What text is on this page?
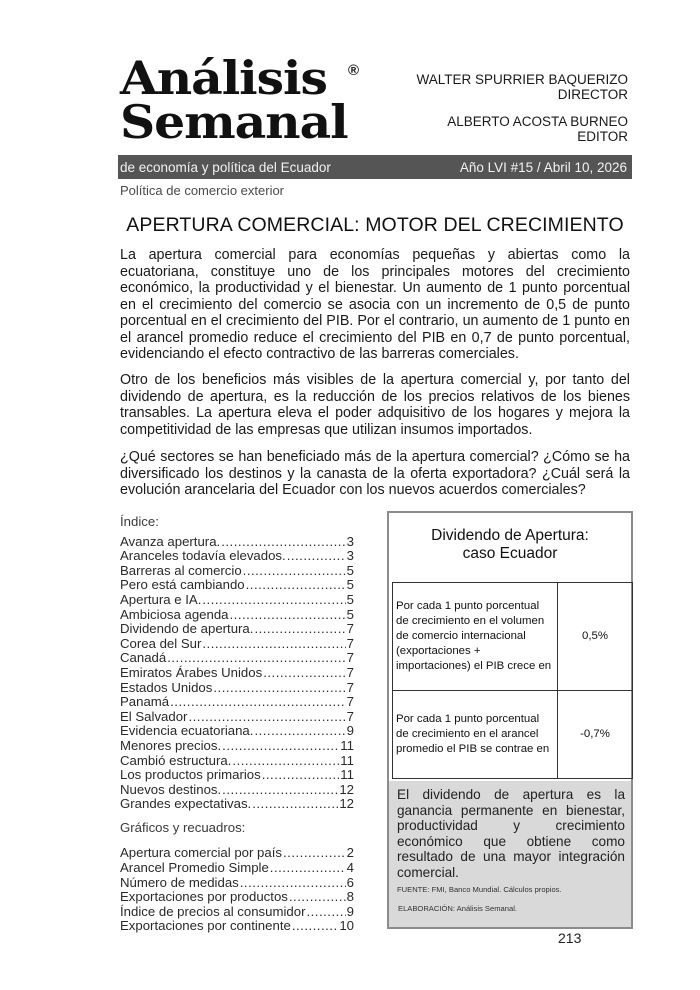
Análisis
Semanal
®
WALTER SPURRIER BAQUERIZO
DIRECTOR
ALBERTO ACOSTA BURNEO
EDITOR
de economía y política del Ecuador	Año LVI #15 / Abril 10, 2026
Política de comercio exterior
APERTURA COMERCIAL: MOTOR DEL CRECIMIENTO

La apertura comercial para economías pequeñas y abiertas como la ecuatoriana, constituye uno de los principales motores del crecimiento económico, la productividad y el bienestar. Un aumento de 1 punto porcentual en el crecimiento del comercio se asocia con un incremento de 0,5 de punto porcentual en el crecimiento del PIB. Por el contrario, un aumento de 1 punto en el arancel promedio reduce el crecimiento del PIB en 0,7 de punto porcentual, evidenciando el efecto contractivo de las barreras comerciales.

Otro de los beneficios más visibles de la apertura comercial y, por tanto del dividendo de apertura, es la reducción de los precios relativos de los bienes transables. La apertura eleva el poder adquisitivo de los hogares y mejora la competitividad de las empresas que utilizan insumos importados.

¿Qué sectores se han beneficiado más de la apertura comercial? ¿Cómo se ha diversificado los destinos y la canasta de la oferta exportadora? ¿Cuál será la evolución arancelaria del Ecuador con los nuevos acuerdos comerciales?

Índice:
Avanza apertura. .....	3
Aranceles todavía elevados. .....	3
Barreras al comercio .....	5
Pero está cambiando .....	5
Apertura e IA. .....	5
Ambiciosa agenda .....	5
Dividendo de apertura. .....	7
Corea del Sur .....	7
Canadá .....	7
Emiratos Árabes Unidos .....	7
Estados Unidos .....	7
Panamá .....	7
El Salvador .....	7
Evidencia ecuatoriana. .....	9
Menores precios. .....	11
Cambió estructura. .....	11
Los productos primarios .....	11
Nuevos destinos. .....	12
Grandes expectativas. .....	12
Gráficos y recuadros:
Apertura comercial por país .....	2
Arancel Promedio Simple .....	4
Número de medidas .....	6
Exportaciones por productos .....	8
Índice de precios al consumidor .....	9
Exportaciones por continente .....	10
Dividendo de Apertura:
caso Ecuador
Por cada 1 punto porcentual de crecimiento en el volumen de comercio internacional (exportaciones + importaciones) el PIB crece en	0,5%
Por cada 1 punto porcentual de crecimiento en el arancel promedio el PIB se contrae en	-0,7%

El dividendo de apertura es la ganancia permanente en bienestar, productividad y crecimiento económico que obtiene como resultado de una mayor integración comercial.

FUENTE: FMI, Banco Mundial. Cálculos propios.
ELABORACIÓN: Análisis Semanal.
213
